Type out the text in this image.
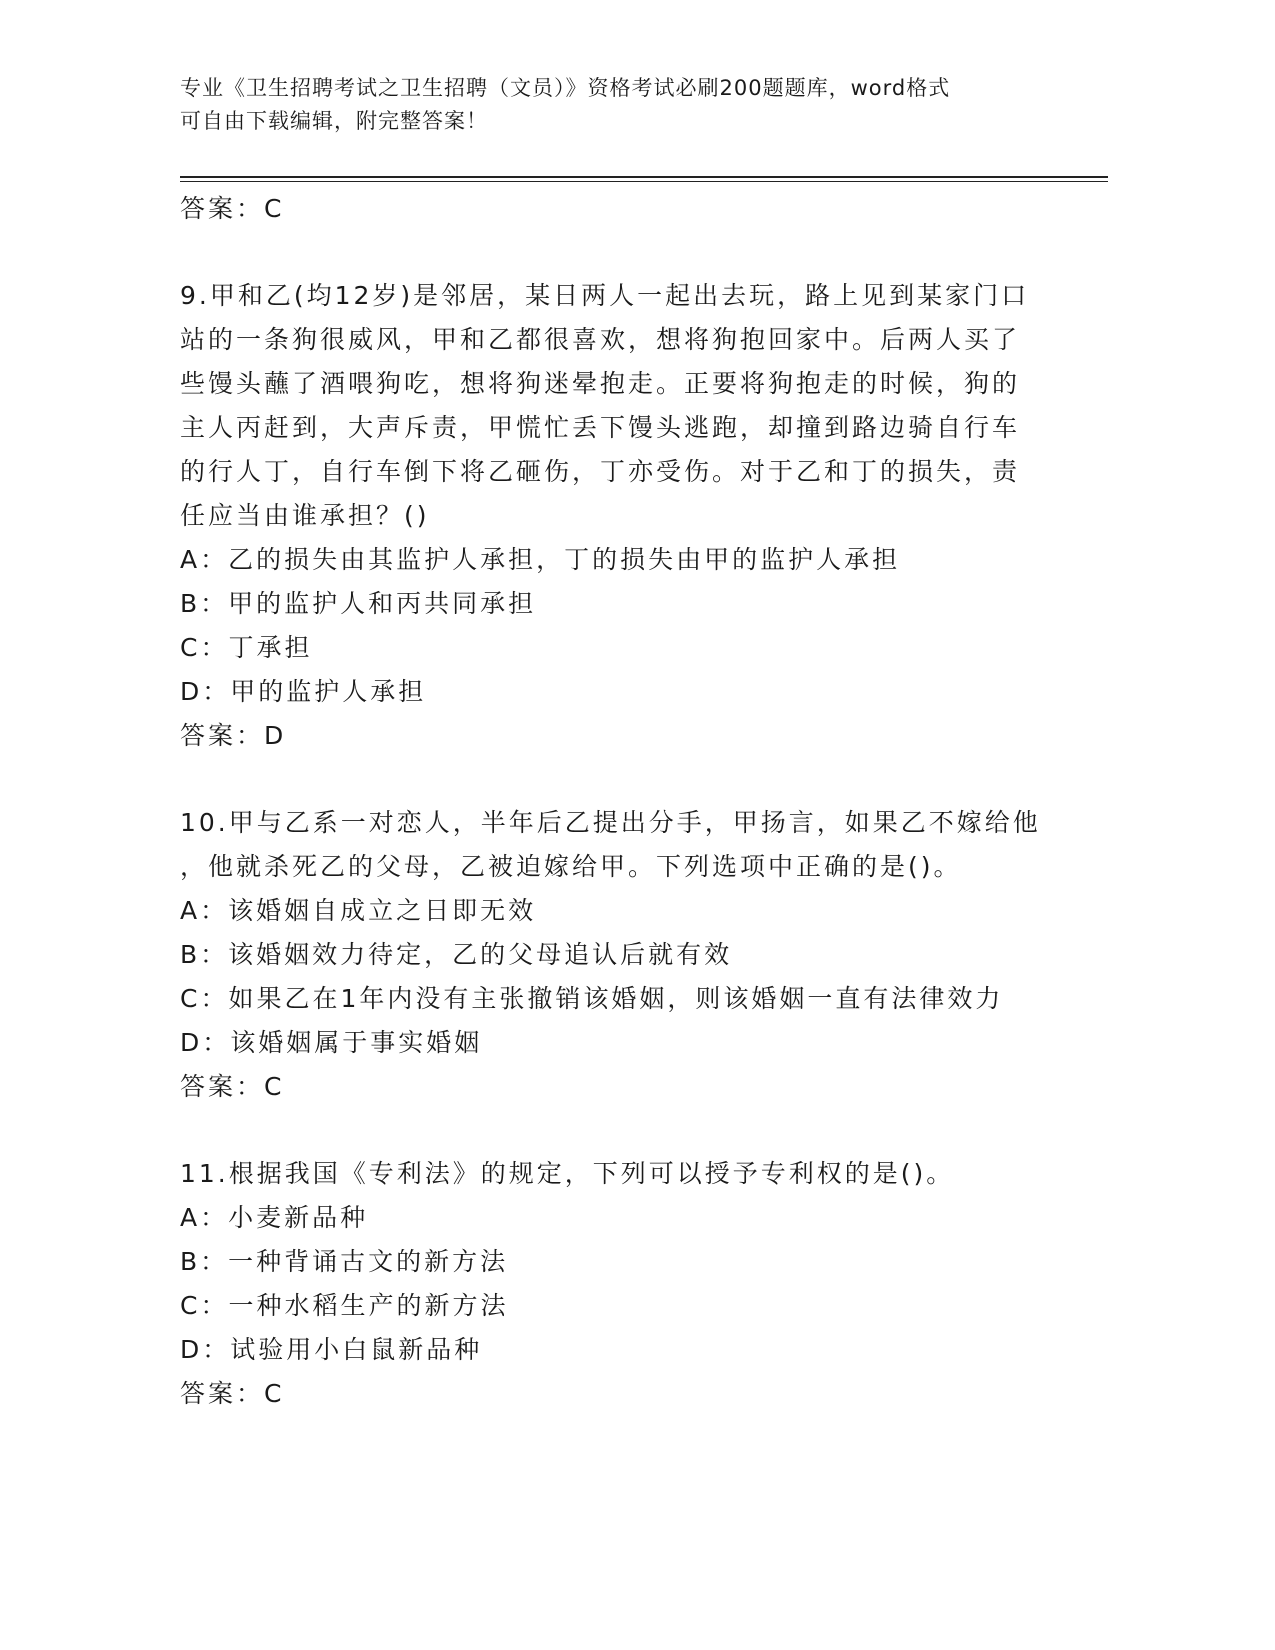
专业《卫生招聘考试之卫生招聘（文员）》资格考试必刷200题题库，word格式
可自由下载编辑，附完整答案！
答案：C
9.甲和乙(均12岁)是邻居，某日两人一起出去玩，路上见到某家门口
站的一条狗很威风，甲和乙都很喜欢，想将狗抱回家中。后两人买了
些馒头蘸了酒喂狗吃，想将狗迷晕抱走。正要将狗抱走的时候，狗的
主人丙赶到，大声斥责，甲慌忙丢下馒头逃跑，却撞到路边骑自行车
的行人丁，自行车倒下将乙砸伤，丁亦受伤。对于乙和丁的损失，责
任应当由谁承担？()
A：乙的损失由其监护人承担，丁的损失由甲的监护人承担
B：甲的监护人和丙共同承担
C：丁承担
D：甲的监护人承担
答案：D
10.甲与乙系一对恋人，半年后乙提出分手，甲扬言，如果乙不嫁给他
，他就杀死乙的父母，乙被迫嫁给甲。下列选项中正确的是()。
A：该婚姻自成立之日即无效
B：该婚姻效力待定，乙的父母追认后就有效
C：如果乙在1年内没有主张撤销该婚姻，则该婚姻一直有法律效力
D：该婚姻属于事实婚姻
答案：C
11.根据我国《专利法》的规定，下列可以授予专利权的是()。
A：小麦新品种
B：一种背诵古文的新方法
C：一种水稻生产的新方法
D：试验用小白鼠新品种
答案：C
